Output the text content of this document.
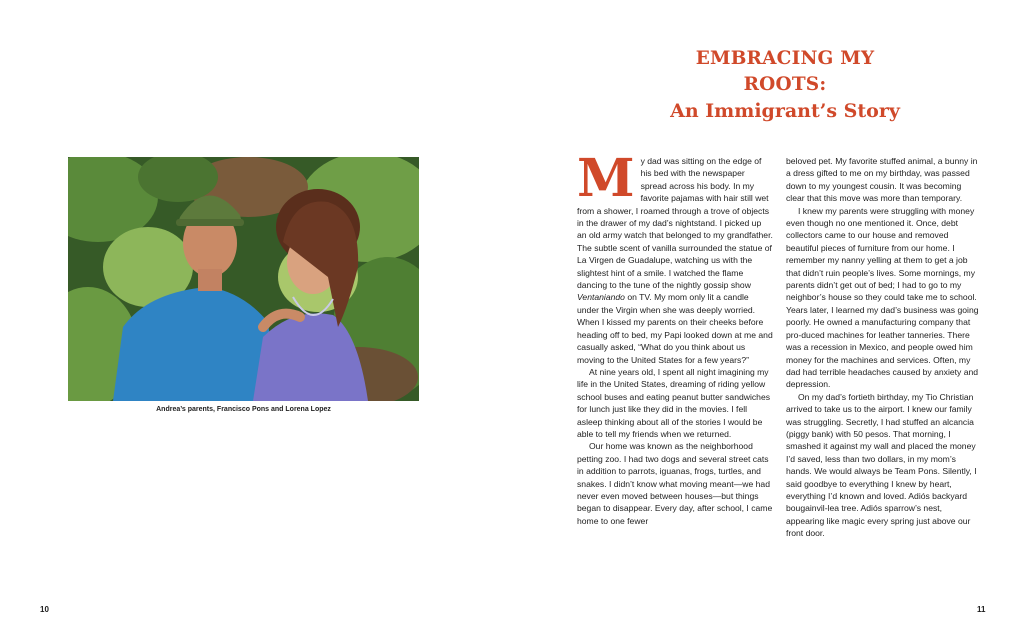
Andrea’s parents, Francisco Pons and Lorena Lopez
10
EMBRACING MY ROOTS:
An Immigrant’s Story
M y dad was sitting on the edge of his bed with the newspaper spread across his body. In my favorite pajamas with hair still wet from a shower, I roamed through a trove of objects in the drawer of my dad’s nightstand. I picked up an old army watch that belonged to my grandfather. The subtle scent of vanilla surrounded the statue of La Virgen de Guadalupe, watching us with the slightest hint of a smile. I watched the flame dancing to the tune of the nightly gossip show Ventaniando on TV. My mom only lit a candle under the Virgin when she was deeply worried. When I kissed my parents on their cheeks before heading off to bed, my Papi looked down at me and casually asked, “What do you think about us moving to the United States for a few years?”

At nine years old, I spent all night imagining my life in the United States, dreaming of riding yellow school buses and eating peanut butter sandwiches for lunch just like they did in the movies. I fell asleep thinking about all of the stories I would be able to tell my friends when we returned.

Our home was known as the neighborhood petting zoo. I had two dogs and several street cats in addition to parrots, iguanas, frogs, turtles, and snakes. I didn’t know what moving meant—we had never even moved between houses—but things began to disappear. Every day, after school, I came home to one fewer

beloved pet. My favorite stuffed animal, a bunny in a dress gifted to me on my birthday, was passed down to my youngest cousin. It was becoming clear that this move was more than temporary.

I knew my parents were struggling with money even though no one mentioned it. Once, debt collectors came to our house and removed beautiful pieces of furniture from our home. I remember my nanny yelling at them to get a job that didn’t ruin people’s lives. Some mornings, my parents didn’t get out of bed; I had to go to my neighbor’s house so they could take me to school. Years later, I learned my dad’s business was going poorly. He owned a manufacturing company that pro-duced machines for leather tanneries. There was a recession in Mexico, and people owed him money for the machines and services. Often, my dad had terrible headaches caused by anxiety and depression.

On my dad’s fortieth birthday, my Tio Christian arrived to take us to the airport. I knew our family was struggling. Secretly, I had stuffed an alcancia (piggy bank) with 50 pesos. That morning, I smashed it against my wall and placed the money I’d saved, less than two dollars, in my mom’s hands. We would always be Team Pons. Silently, I said goodbye to everything I knew by heart, everything I’d known and loved. Adiós backyard bougainvil-lea tree. Adiós sparrow’s nest, appearing like magic every spring just above our front door.

11
